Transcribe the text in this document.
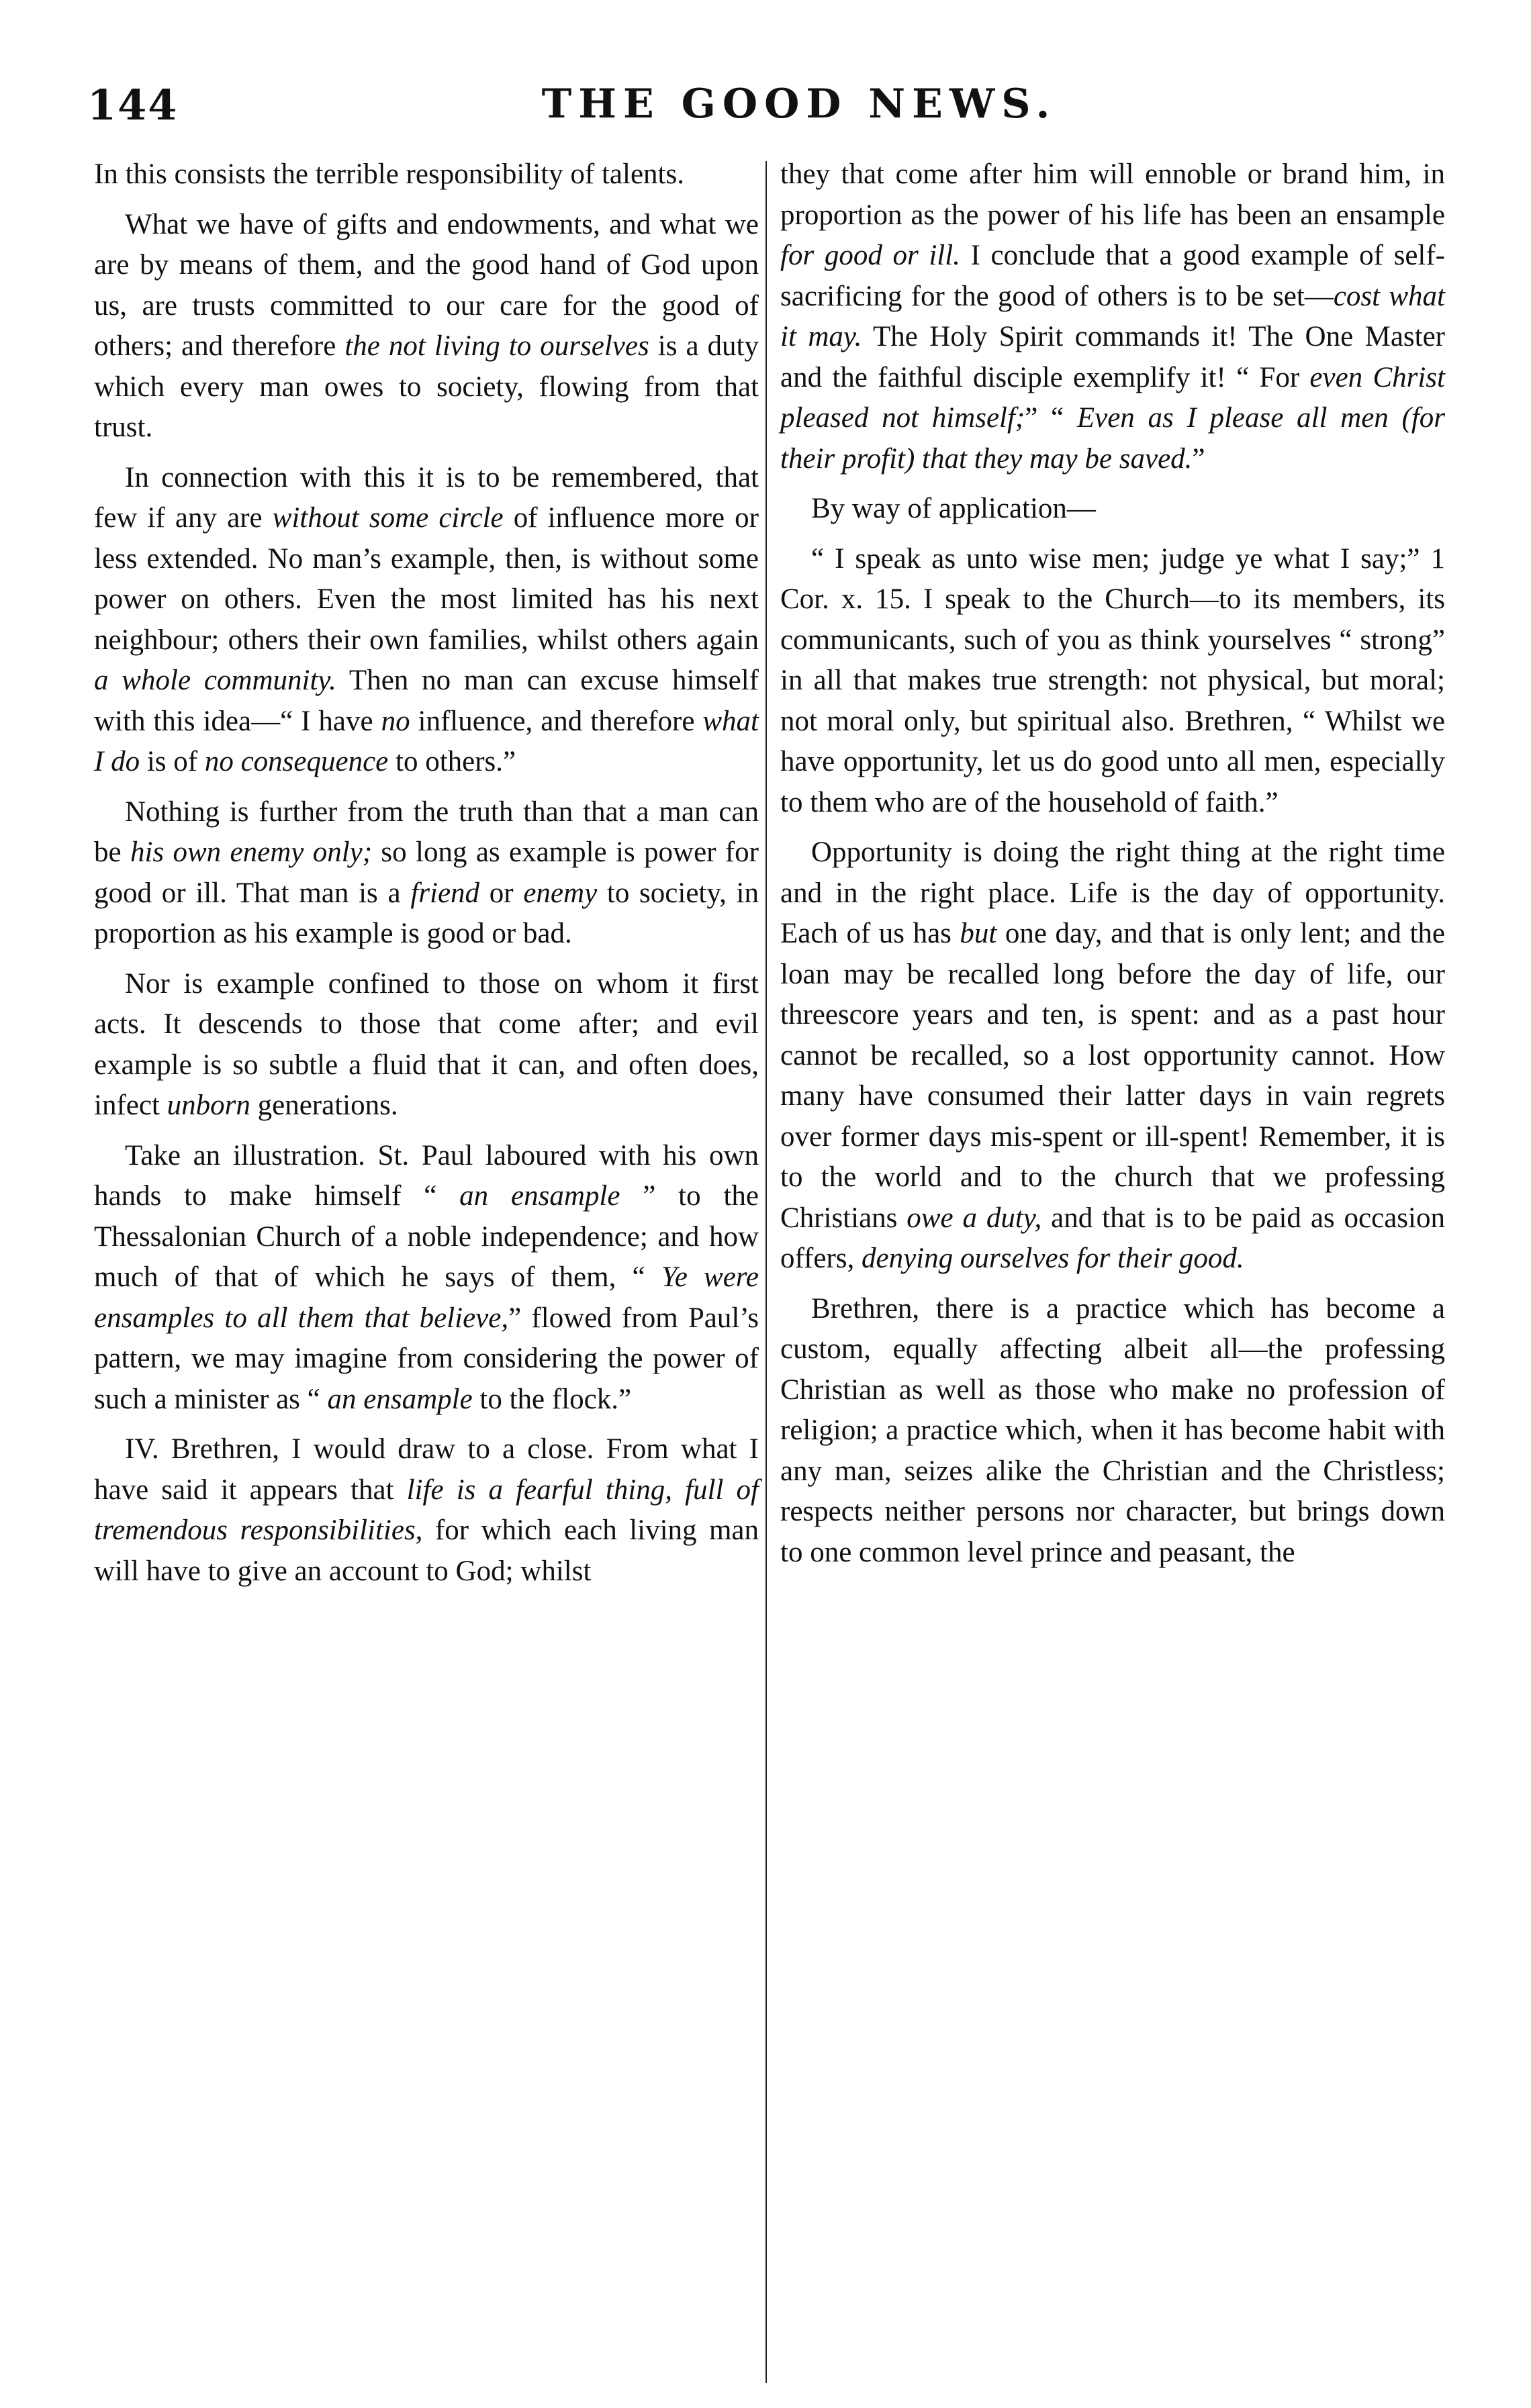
144	THE GOOD NEWS.

In this consists the terrible responsibility of talents.

What we have of gifts and endowments, and what we are by means of them, and the good hand of God upon us, are trusts committed to our care for the good of others; and therefore the not living to ourselves is a duty which every man owes to society, flowing from that trust.

In connection with this it is to be remembered, that few if any are without some circle of influence more or less extended. No man’s example, then, is without some power on others. Even the most limited has his next neighbour; others their own families, whilst others again a whole community. Then no man can excuse himself with this idea—“ I have no influence, and therefore what I do is of no consequence to others.”

Nothing is further from the truth than that a man can be his own enemy only; so long as example is power for good or ill. That man is a friend or enemy to society, in proportion as his example is good or bad.

Nor is example confined to those on whom it first acts. It descends to those that come after; and evil example is so subtle a fluid that it can, and often does, infect unborn generations.

Take an illustration. St. Paul laboured with his own hands to make himself “ an ensample ” to the Thessalonian Church of a noble independence; and how much of that of which he says of them, “ Ye were ensamples to all them that believe,” flowed from Paul’s pattern, we may imagine from considering the power of such a minister as “ an ensample to the flock.”

IV. Brethren, I would draw to a close. From what I have said it appears that life is a fearful thing, full of tremendous responsibilities, for which each living man will have to give an account to God; whilst

they that come after him will ennoble or brand him, in proportion as the power of his life has been an ensample for good or ill. I conclude that a good example of self-sacrificing for the good of others is to be set—cost what it may. The Holy Spirit commands it! The One Master and the faithful disciple exemplify it! “ For even Christ pleased not himself;” “ Even as I please all men (for their profit) that they may be saved.”

By way of application—

“ I speak as unto wise men; judge ye what I say;” 1 Cor. x. 15. I speak to the Church—to its members, its communicants, such of you as think yourselves “ strong” in all that makes true strength: not physical, but moral; not moral only, but spiritual also. Brethren, “ Whilst we have opportunity, let us do good unto all men, especially to them who are of the household of faith.”

Opportunity is doing the right thing at the right time and in the right place. Life is the day of opportunity. Each of us has but one day, and that is only lent; and the loan may be recalled long before the day of life, our threescore years and ten, is spent: and as a past hour cannot be recalled, so a lost opportunity cannot. How many have consumed their latter days in vain regrets over former days mis-spent or ill-spent! Remember, it is to the world and to the church that we professing Christians owe a duty, and that is to be paid as occasion offers, denying ourselves for their good.

Brethren, there is a practice which has become a custom, equally affecting albeit all—the professing Christian as well as those who make no profession of religion; a practice which, when it has become habit with any man, seizes alike the Christian and the Christless; respects neither persons nor character, but brings down to one common level prince and peasant, the
